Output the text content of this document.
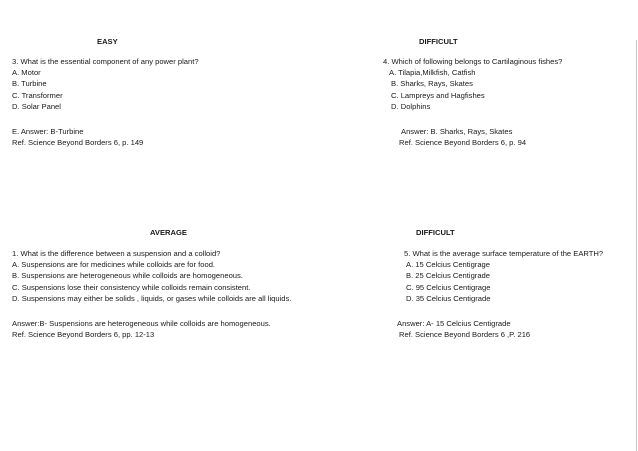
EASY
3. What is the essential component of any power plant?
A. Motor
B. Turbine
C. Transformer
D. Solar Panel
E. Answer: B-Turbine
Ref. Science Beyond Borders 6, p. 149
DIFFICULT
4. Which of following belongs to Cartilaginous fishes?
A. Tilapia,Milkfish, Catfish
B. Sharks, Rays, Skates
C. Lampreys and Hagfishes
D. Dolphins
Answer: B. Sharks, Rays, Skates
Ref. Science Beyond Borders 6, p. 94
AVERAGE
1. What is the difference between a suspension and a colloid?
A. Suspensions are for medicines while colloids are for food.
B. Suspensions are heterogeneous while colloids are homogeneous.
C. Suspensions lose their consistency while colloids remain consistent.
D. Suspensions may either be solids , liquids, or gases while colloids are all liquids.
Answer:B- Suspensions are heterogeneous while colloids are homogeneous.
Ref. Science Beyond Borders 6, pp. 12-13
DIFFICULT
5. What is the average surface temperature of the EARTH?
A. 15 Celcius Centigrage
B. 25 Celcius Centigrade
C. 95 Celcius Centigrage
D. 35 Celcius Centigrade
Answer: A- 15 Celcius Centigrade
Ref. Science Beyond Borders 6 ,P. 216
